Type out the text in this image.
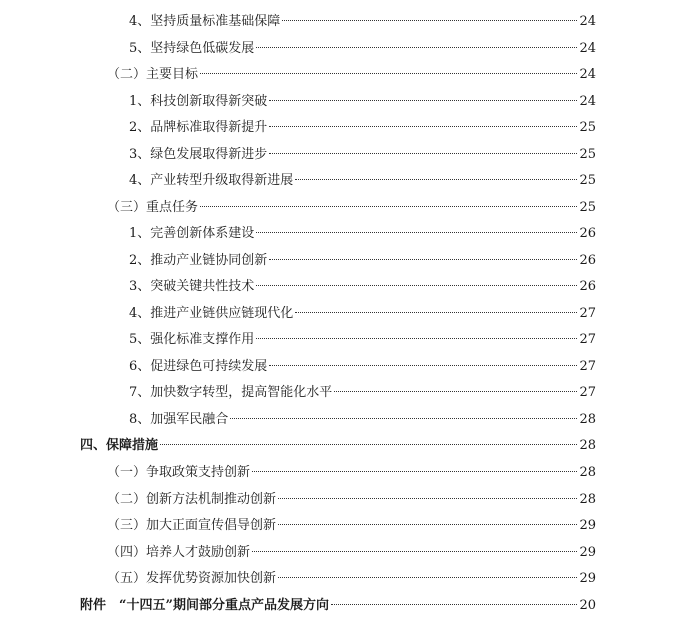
4、坚持质量标准基础保障	24
5、坚持绿色低碳发展	24
（二）主要目标	24
1、科技创新取得新突破	24
2、品牌标准取得新提升	25
3、绿色发展取得新进步	25
4、产业转型升级取得新进展	25
（三）重点任务	25
1、完善创新体系建设	26
2、推动产业链协同创新	26
3、突破关键共性技术	26
4、推进产业链供应链现代化	27
5、强化标准支撑作用	27
6、促进绿色可持续发展	27
7、加快数字转型，提高智能化水平	27
8、加强军民融合	28
四、保障措施	28
（一）争取政策支持创新	28
（二）创新方法机制推动创新	28
（三）加大正面宣传倡导创新	29
（四）培养人才鼓励创新	29
（五）发挥优势资源加快创新	29
附件　“十四五”期间部分重点产品发展方向	20
